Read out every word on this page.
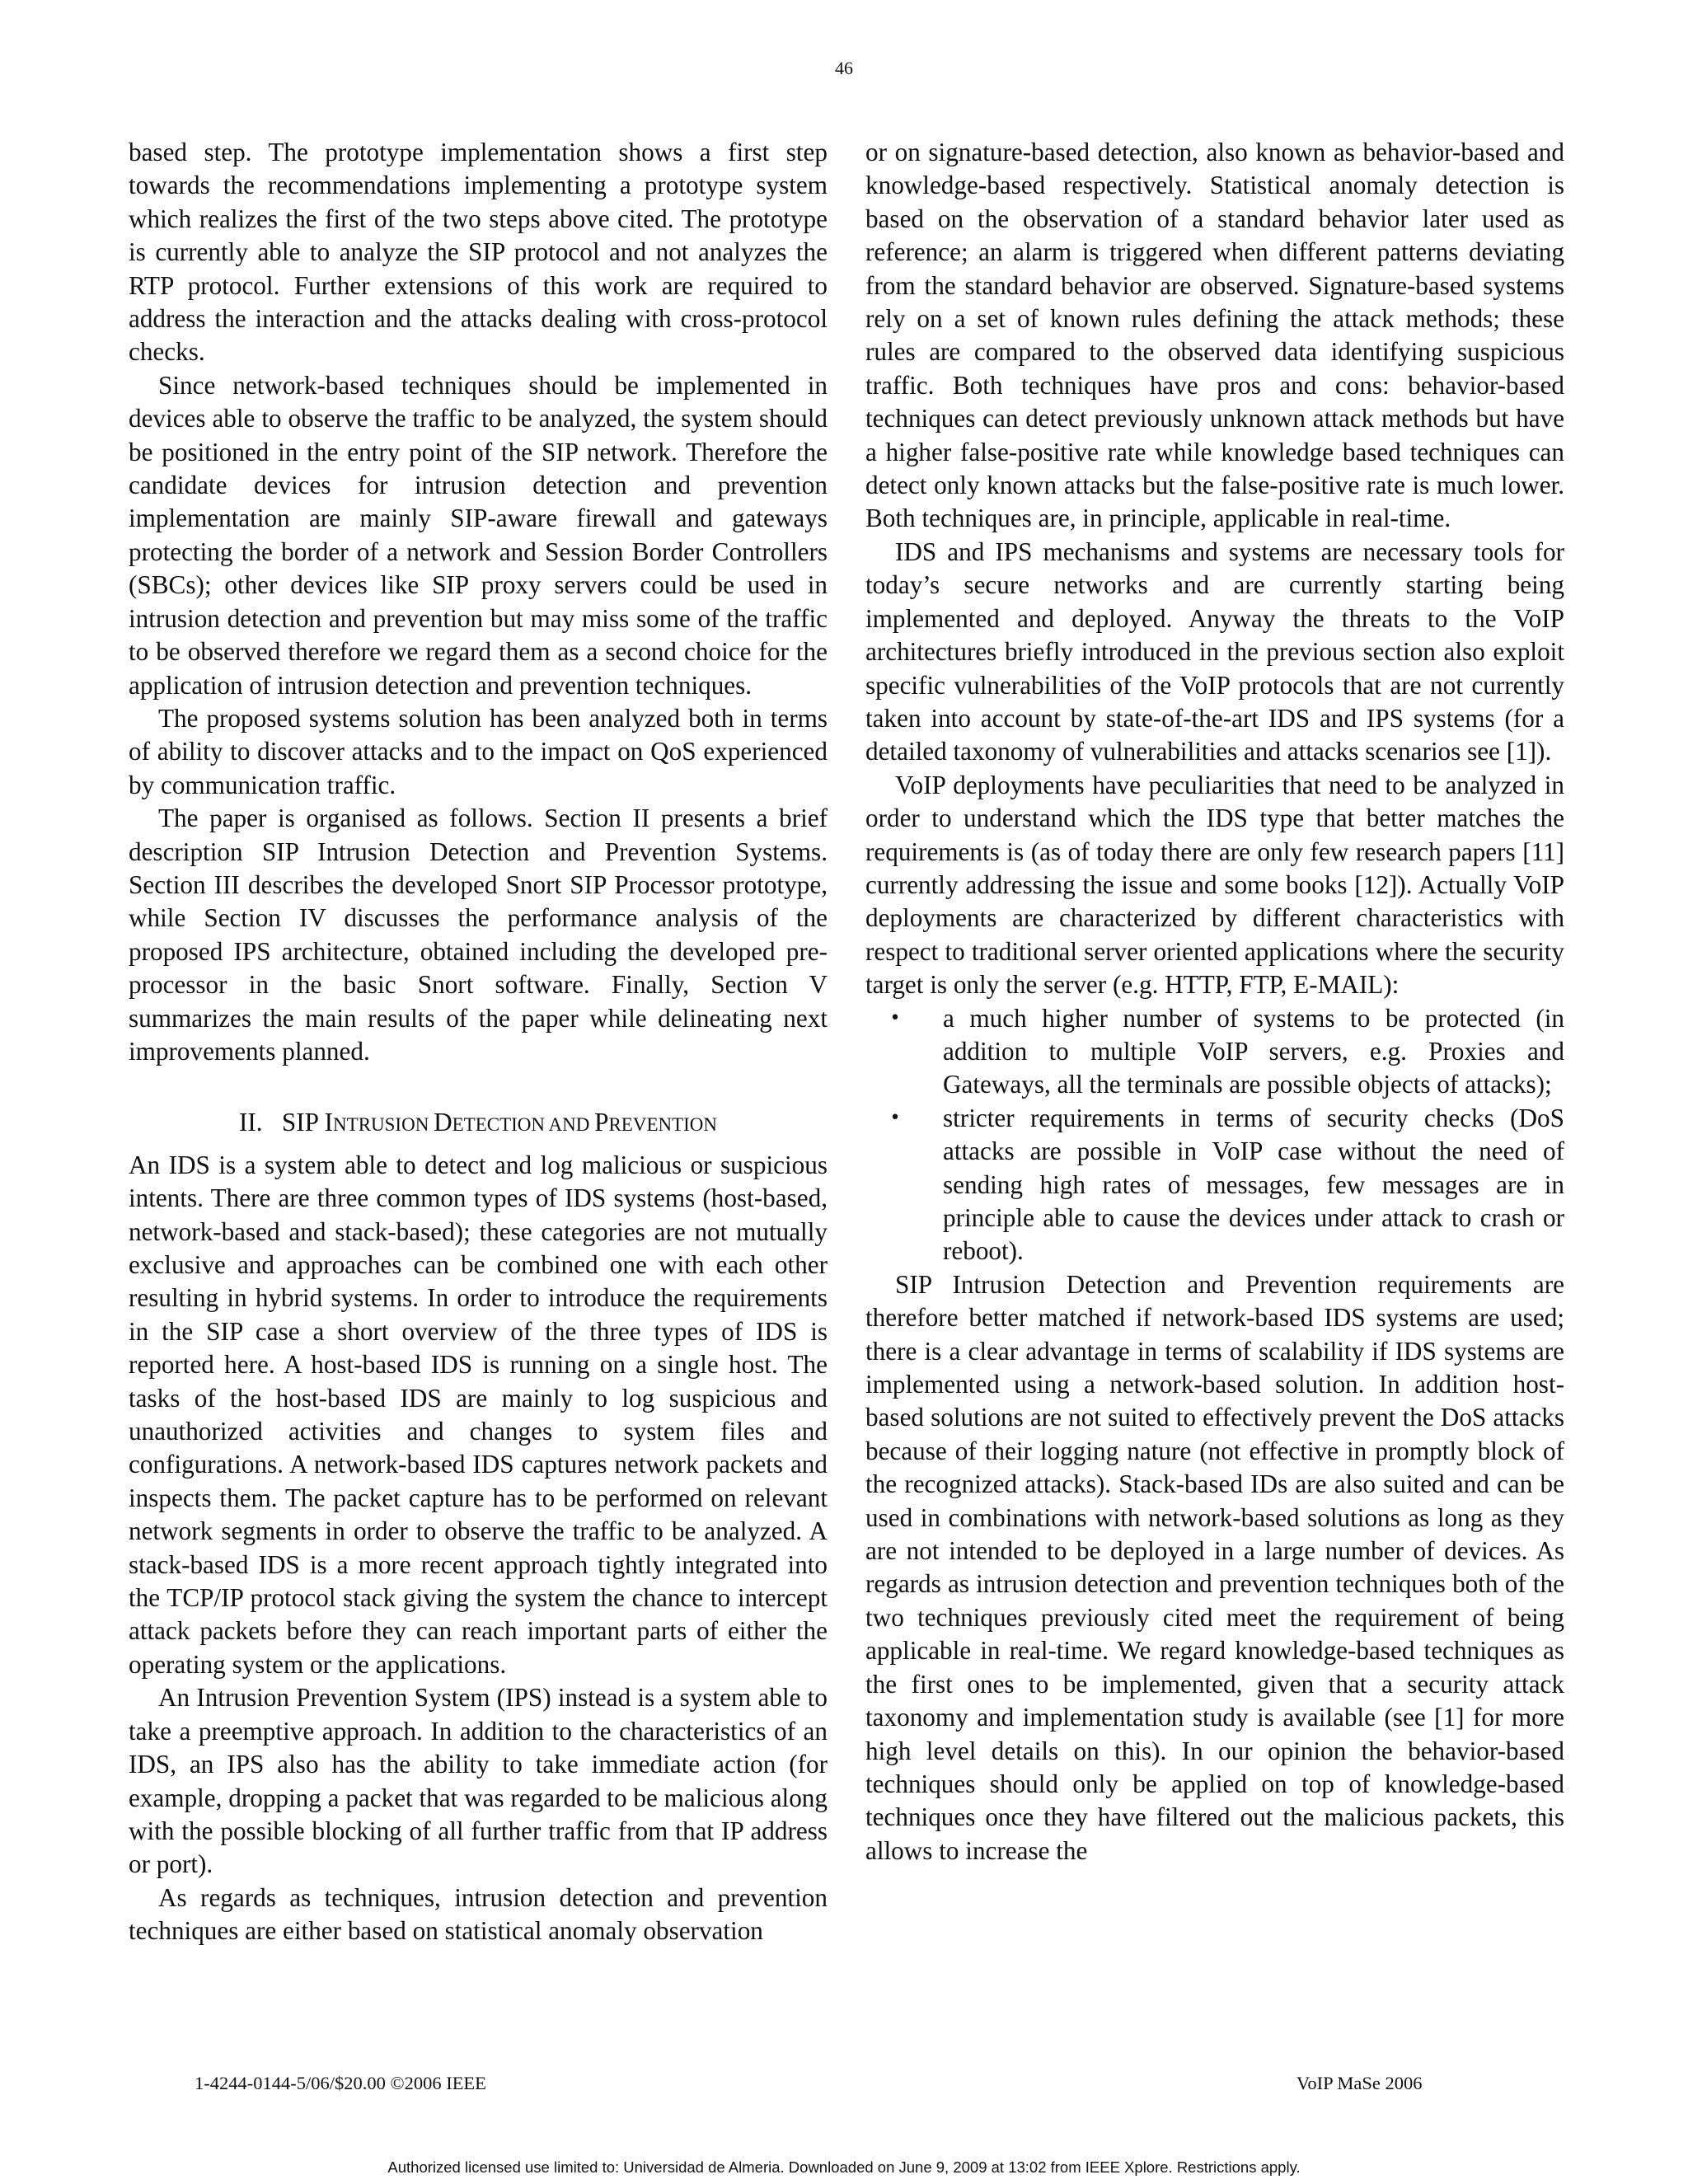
46

based step. The prototype implementation shows a first step towards the recommendations implementing a prototype system which realizes the first of the two steps above cited. The prototype is currently able to analyze the SIP protocol and not analyzes the RTP protocol. Further extensions of this work are required to address the interaction and the attacks dealing with cross-protocol checks.

Since network-based techniques should be implemented in devices able to observe the traffic to be analyzed, the system should be positioned in the entry point of the SIP network. Therefore the candidate devices for intrusion detection and prevention implementation are mainly SIP-aware firewall and gateways protecting the border of a network and Session Border Controllers (SBCs); other devices like SIP proxy servers could be used in intrusion detection and prevention but may miss some of the traffic to be observed therefore we regard them as a second choice for the application of intrusion detection and prevention techniques.

The proposed systems solution has been analyzed both in terms of ability to discover attacks and to the impact on QoS experienced by communication traffic.

The paper is organised as follows. Section II presents a brief description SIP Intrusion Detection and Prevention Systems. Section III describes the developed Snort SIP Processor prototype, while Section IV discusses the performance analysis of the proposed IPS architecture, obtained including the developed pre-processor in the basic Snort software. Finally, Section V summarizes the main results of the paper while delineating next improvements planned.

II. SIP INTRUSION DETECTION AND PREVENTION

An IDS is a system able to detect and log malicious or suspicious intents. There are three common types of IDS systems (host-based, network-based and stack-based); these categories are not mutually exclusive and approaches can be combined one with each other resulting in hybrid systems. In order to introduce the requirements in the SIP case a short overview of the three types of IDS is reported here. A host-based IDS is running on a single host. The tasks of the host-based IDS are mainly to log suspicious and unauthorized activities and changes to system files and configurations. A network-based IDS captures network packets and inspects them. The packet capture has to be performed on relevant network segments in order to observe the traffic to be analyzed. A stack-based IDS is a more recent approach tightly integrated into the TCP/IP protocol stack giving the system the chance to intercept attack packets before they can reach important parts of either the operating system or the applications.

An Intrusion Prevention System (IPS) instead is a system able to take a preemptive approach. In addition to the characteristics of an IDS, an IPS also has the ability to take immediate action (for example, dropping a packet that was regarded to be malicious along with the possible blocking of all further traffic from that IP address or port).

As regards as techniques, intrusion detection and prevention techniques are either based on statistical anomaly observation

or on signature-based detection, also known as behavior-based and knowledge-based respectively. Statistical anomaly detection is based on the observation of a standard behavior later used as reference; an alarm is triggered when different patterns deviating from the standard behavior are observed. Signature-based systems rely on a set of known rules defining the attack methods; these rules are compared to the observed data identifying suspicious traffic. Both techniques have pros and cons: behavior-based techniques can detect previously unknown attack methods but have a higher false-positive rate while knowledge based techniques can detect only known attacks but the false-positive rate is much lower. Both techniques are, in principle, applicable in real-time.

IDS and IPS mechanisms and systems are necessary tools for today’s secure networks and are currently starting being implemented and deployed. Anyway the threats to the VoIP architectures briefly introduced in the previous section also exploit specific vulnerabilities of the VoIP protocols that are not currently taken into account by state-of-the-art IDS and IPS systems (for a detailed taxonomy of vulnerabilities and attacks scenarios see [1]).

VoIP deployments have peculiarities that need to be analyzed in order to understand which the IDS type that better matches the requirements is (as of today there are only few research papers [11] currently addressing the issue and some books [12]). Actually VoIP deployments are characterized by different characteristics with respect to traditional server oriented applications where the security target is only the server (e.g. HTTP, FTP, E-MAIL):

•	a much higher number of systems to be protected (in addition to multiple VoIP servers, e.g. Proxies and Gateways, all the terminals are possible objects of attacks);
•	stricter requirements in terms of security checks (DoS attacks are possible in VoIP case without the need of sending high rates of messages, few messages are in principle able to cause the devices under attack to crash or reboot).

SIP Intrusion Detection and Prevention requirements are therefore better matched if network-based IDS systems are used; there is a clear advantage in terms of scalability if IDS systems are implemented using a network-based solution. In addition host-based solutions are not suited to effectively prevent the DoS attacks because of their logging nature (not effective in promptly block of the recognized attacks). Stack-based IDs are also suited and can be used in combinations with network-based solutions as long as they are not intended to be deployed in a large number of devices. As regards as intrusion detection and prevention techniques both of the two techniques previously cited meet the requirement of being applicable in real-time. We regard knowledge-based techniques as the first ones to be implemented, given that a security attack taxonomy and implementation study is available (see [1] for more high level details on this). In our opinion the behavior-based techniques should only be applied on top of knowledge-based techniques once they have filtered out the malicious packets, this allows to increase the

1-4244-0144-5/06/$20.00 ©2006 IEEE	VoIP MaSe 2006
Authorized licensed use limited to: Universidad de Almeria. Downloaded on June 9, 2009 at 13:02 from IEEE Xplore. Restrictions apply.
